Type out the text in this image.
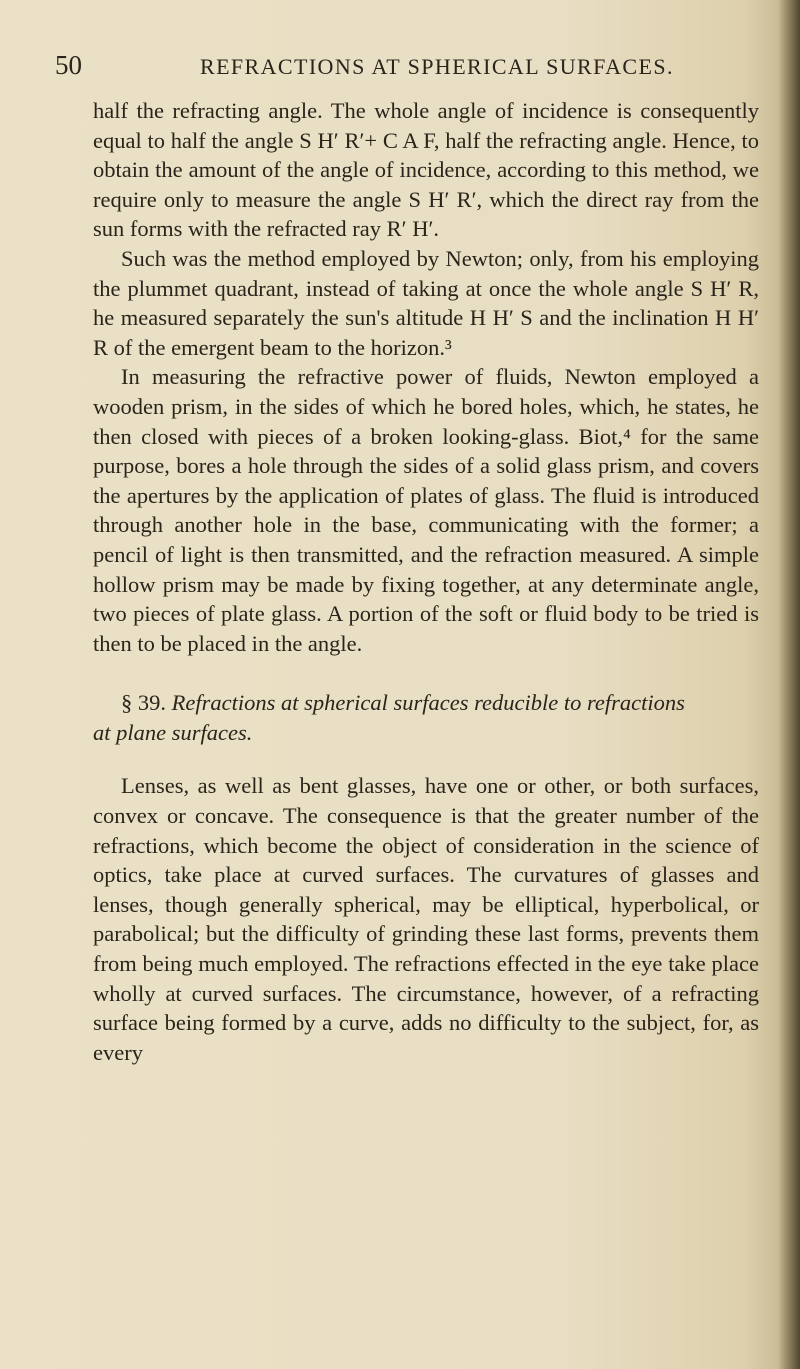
50	REFRACTIONS AT SPHERICAL SURFACES.

half the refracting angle. The whole angle of incidence is consequently equal to half the angle S H′ R′+ C A F, half the refracting angle. Hence, to obtain the amount of the angle of incidence, according to this method, we require only to measure the angle S H′ R′, which the direct ray from the sun forms with the refracted ray R′ H′.

Such was the method employed by Newton; only, from his employing the plummet quadrant, instead of taking at once the whole angle S H′ R, he measured separately the sun's altitude H H′ S and the inclination H H′ R of the emergent beam to the horizon.³

In measuring the refractive power of fluids, Newton employed a wooden prism, in the sides of which he bored holes, which, he states, he then closed with pieces of a broken looking-glass. Biot,⁴ for the same purpose, bores a hole through the sides of a solid glass prism, and covers the apertures by the application of plates of glass. The fluid is introduced through another hole in the base, communicating with the former; a pencil of light is then transmitted, and the refraction measured. A simple hollow prism may be made by fixing together, at any determinate angle, two pieces of plate glass. A portion of the soft or fluid body to be tried is then to be placed in the angle.

§ 39. Refractions at spherical surfaces reducible to refractions

at plane surfaces.

Lenses, as well as bent glasses, have one or other, or both surfaces, convex or concave. The consequence is that the greater number of the refractions, which become the object of consideration in the science of optics, take place at curved surfaces. The curvatures of glasses and lenses, though generally spherical, may be elliptical, hyperbolical, or parabolical; but the difficulty of grinding these last forms, prevents them from being much employed. The refractions effected in the eye take place wholly at curved surfaces. The circumstance, however, of a refracting surface being formed by a curve, adds no difficulty to the subject, for, as every
